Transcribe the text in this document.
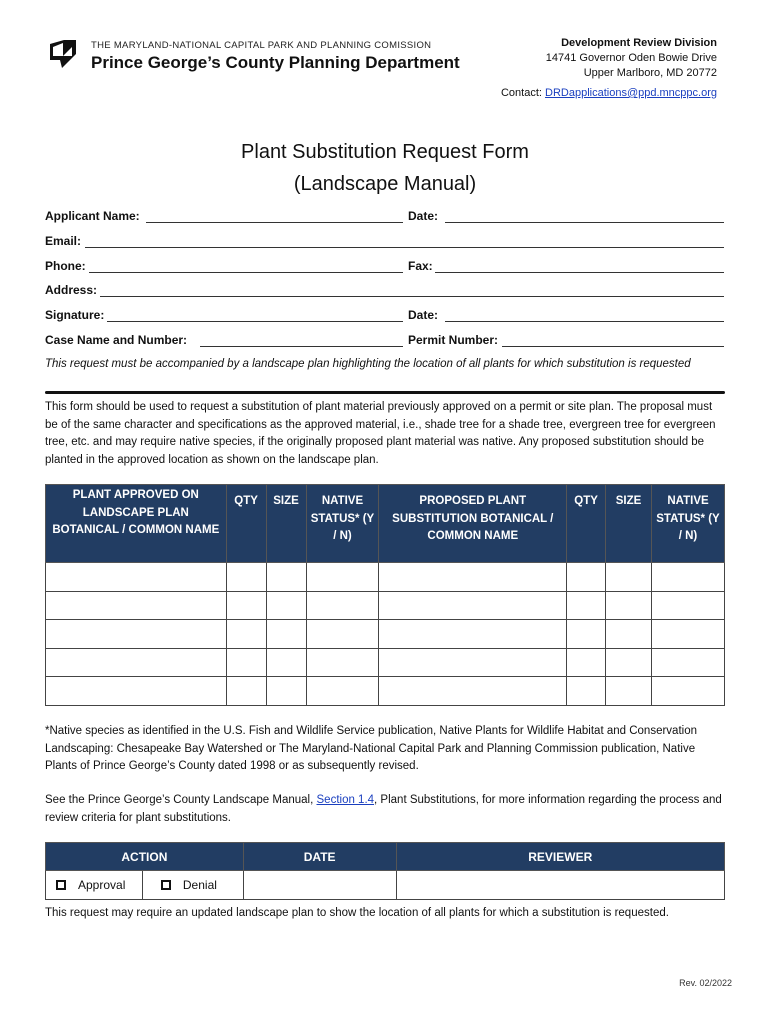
THE MARYLAND-NATIONAL CAPITAL PARK AND PLANNING COMISSION
Prince George’s County Planning Department
Development Review Division
14741 Governor Oden Bowie Drive
Upper Marlboro, MD 20772
Contact: DRDapplications@ppd.mncppc.org
Plant Substitution Request Form
(Landscape Manual)
Applicant Name:	Date:
Email:
Phone:	Fax:
Address:
Signature:	Date:
Case Name and Number:	Permit Number:
This request must be accompanied by a landscape plan highlighting the location of all plants for which substitution is requested
This form should be used to request a substitution of plant material previously approved on a permit or site plan. The proposal must be of the same character and specifications as the approved material, i.e., shade tree for a shade tree, evergreen tree for evergreen tree, etc. and may require native species, if the originally proposed plant material was native. Any proposed substitution should be planted in the approved location as shown on the landscape plan.
PLANT APPROVED ON LANDSCAPE PLAN BOTANICAL / COMMON NAME	QTY	SIZE	NATIVE STATUS* (Y / N)	PROPOSED PLANT SUBSTITUTION BOTANICAL / COMMON NAME	QTY	SIZE	NATIVE STATUS* (Y / N)

*Native species as identified in the U.S. Fish and Wildlife Service publication, Native Plants for Wildlife Habitat and Conservation Landscaping: Chesapeake Bay Watershed or The Maryland-National Capital Park and Planning Commission publication, Native Plants of Prince George’s County dated 1998 or as subsequently revised.
See the Prince George’s County Landscape Manual, Section 1.4, Plant Substitutions, for more information regarding the process and review criteria for plant substitutions.
ACTION		DATE	REVIEWER
Approval	Denial		
This request may require an updated landscape plan to show the location of all plants for which a substitution is requested.
Rev. 02/2022
